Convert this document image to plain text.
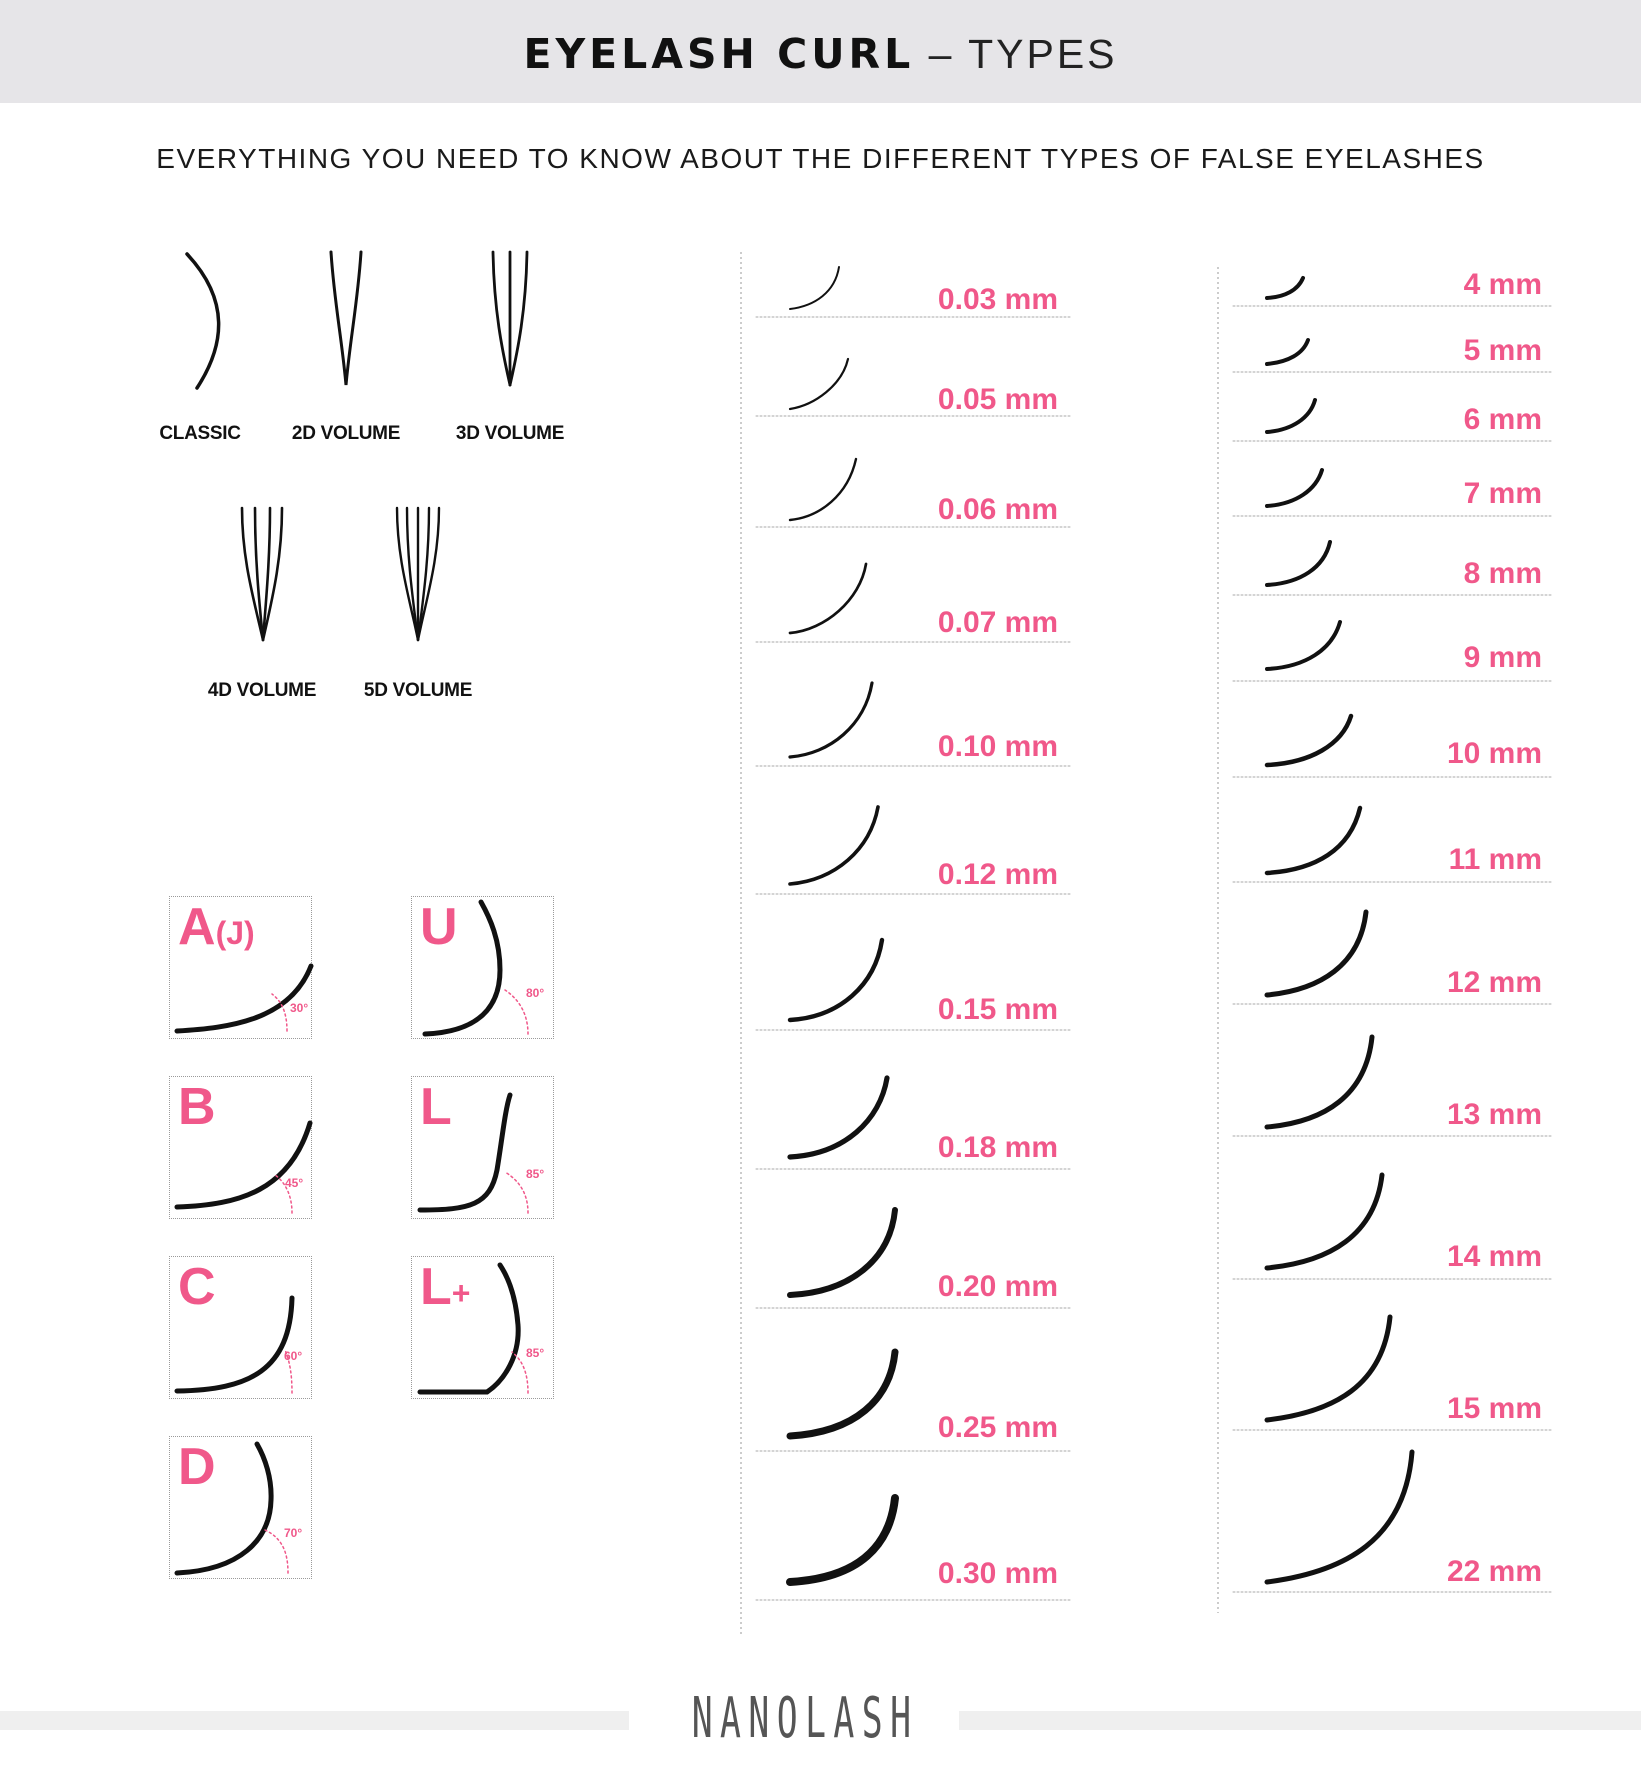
EYELASH CURL – TYPES
EVERYTHING YOU NEED TO KNOW ABOUT THE DIFFERENT TYPES OF FALSE EYELASHES
CLASSIC	2D VOLUME	3D VOLUME
4D VOLUME	5D VOLUME
A(J)
30°
U
80°
B
45°
L
85°
C
60°
L+
85°
D
70°
0.03 mm
0.05 mm
0.06 mm
0.07 mm
0.10 mm
0.12 mm
0.15 mm
0.18 mm
0.20 mm
0.25 mm
0.30 mm
4 mm
5 mm
6 mm
7 mm
8 mm
9 mm
10 mm
11 mm
12 mm
13 mm
14 mm
15 mm
22 mm
NANOLASH
